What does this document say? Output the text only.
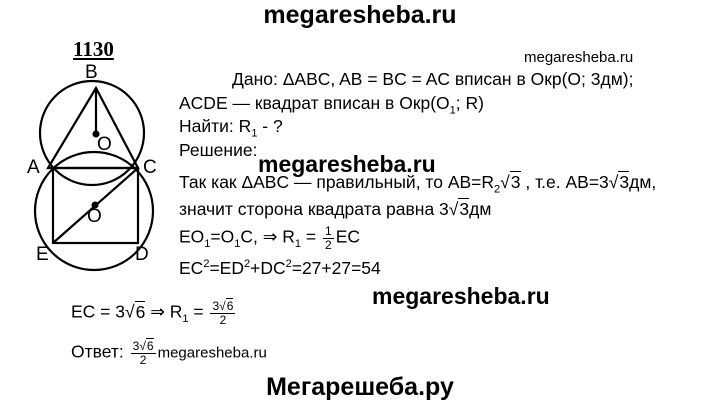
megaresheba.ru
Мегарешеба.ру
megaresheba.ru
megaresheba.ru
megaresheba.ru
1130
B
O
A	C
O
E	D
Дано: ΔABC, AB = BC = AC вписан в Окр(O; 3дм);
ACDE — квадрат вписан в $Окр(O_1$; R)
Найти: $R_1$ - ?
Решение:
Так как ΔABC — правильный, то $AB=R_2√3$ , т.е. AB=3√3дм,
значит сторона квадрата равна 3√3дм
$EO_1=O_1C$, ⇒ $R_1 = \frac{1}{2}$ EC
$EC^2=ED^2+DC^2=27+27=54$
EC = 3√6 ⇒ $R_1 = \frac{3√6}{2}$
Ответ: $\frac{3√6}{2}$ megaresheba.ru
